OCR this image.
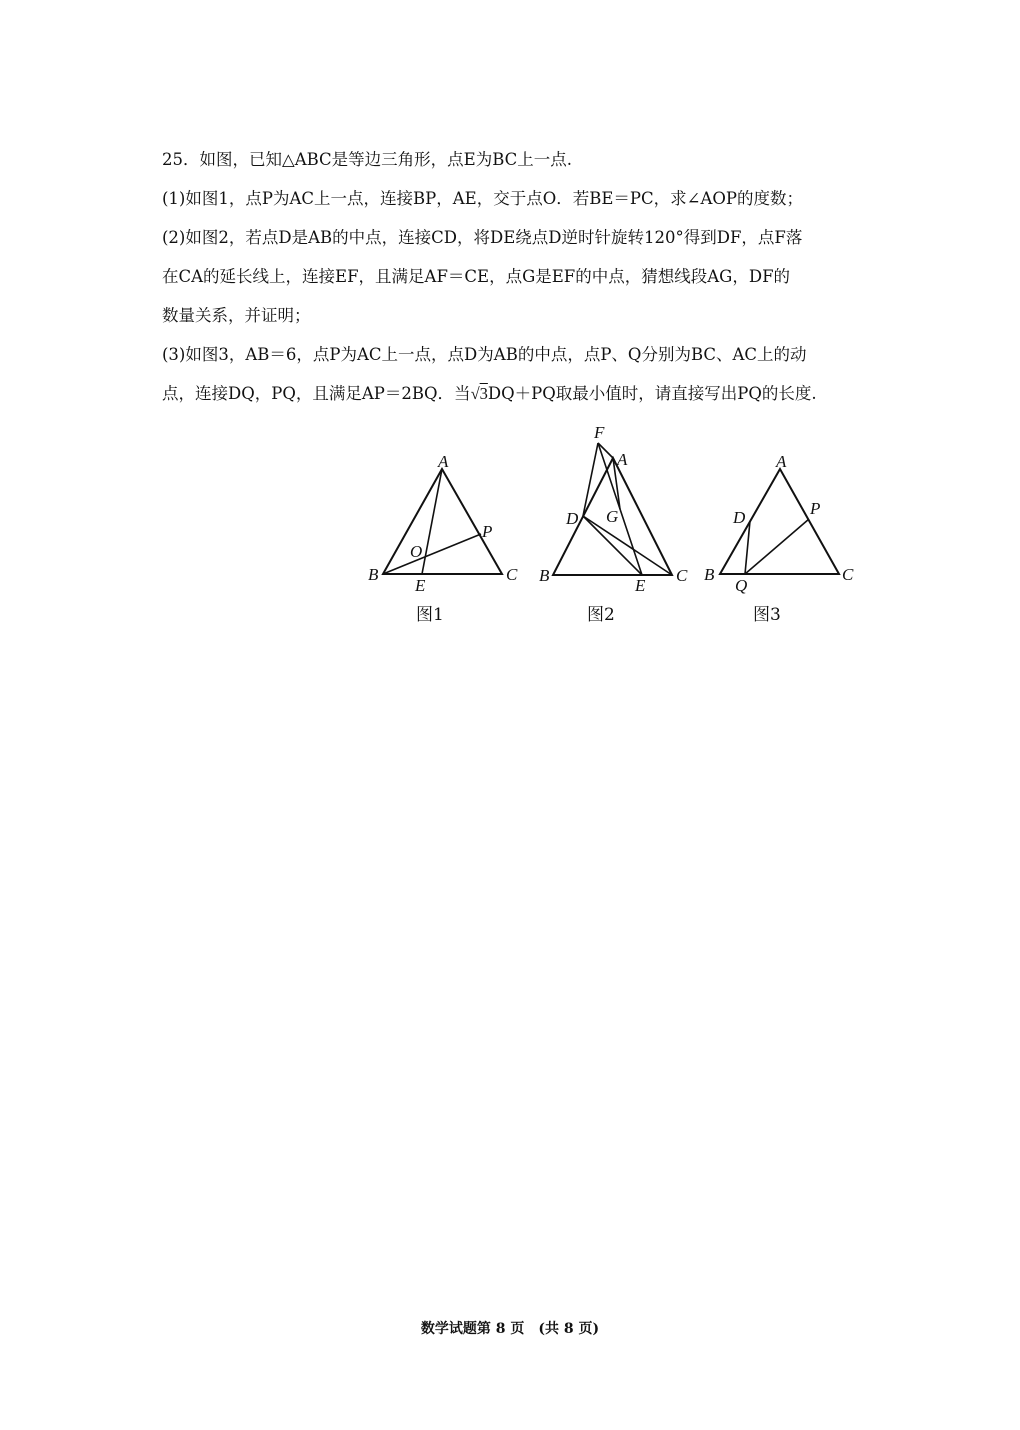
25．如图，已知△ABC是等边三角形，点E为BC上一点.

(1)如图1，点P为AC上一点，连接BP，AE，交于点O．若BE＝PC，求∠AOP的度数；

(2)如图2，若点D是AB的中点，连接CD，将DE绕点D逆时针旋转120°得到DF，点F落

在CA的延长线上，连接EF，且满足AF＝CE，点G是EF的中点，猜想线段AG，DF的

数量关系，并证明；

(3)如图3，AB＝6，点P为AC上一点，点D为AB的中点，点P、Q分别为BC、AC上的动

点，连接DQ，PQ，且满足AP＝2BQ．当√3DQ＋PQ取最小值时，请直接写出PQ的长度.

A
B	C
O
P
E
图1
F
A
D G
B
E
C
图2
A
D	P
B
Q
C
图3
数学试题第 8 页　(共 8 页)
